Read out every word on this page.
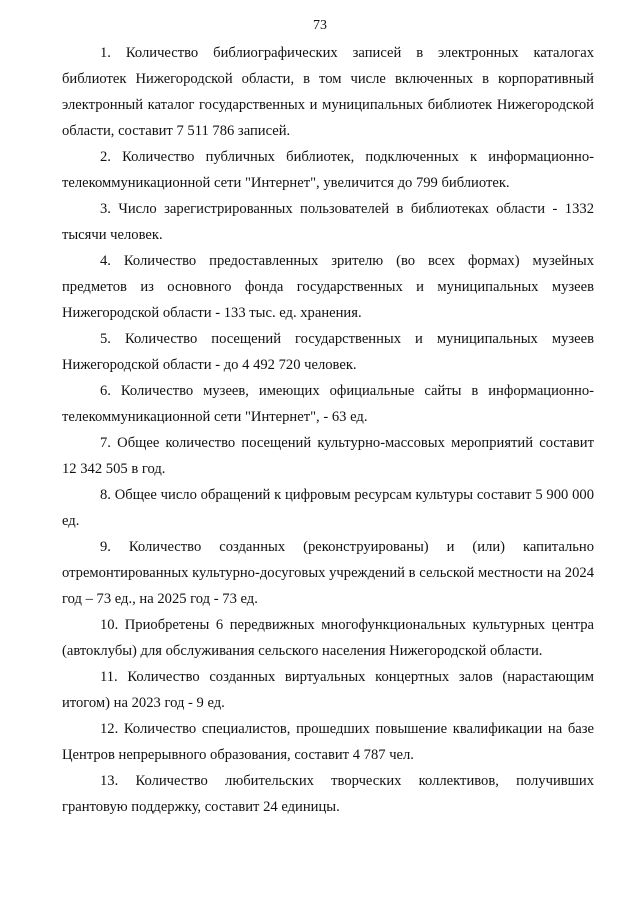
73

1. Количество библиографических записей в электронных каталогах библиотек Нижегородской области, в том числе включенных в корпоративный электронный каталог государственных и муниципальных библиотек Нижегородской области, составит 7 511 786 записей.

2. Количество публичных библиотек, подключенных к информационно-телекоммуникационной сети "Интернет", увеличится до 799 библиотек.

3. Число зарегистрированных пользователей в библиотеках области - 1332 тысячи человек.

4. Количество предоставленных зрителю (во всех формах) музейных предметов из основного фонда государственных и муниципальных музеев Нижегородской области - 133 тыс. ед. хранения.

5. Количество посещений государственных и муниципальных музеев Нижегородской области - до 4 492 720 человек.

6. Количество музеев, имеющих официальные сайты в информационно-телекоммуникационной сети "Интернет", - 63 ед.

7. Общее количество посещений культурно-массовых мероприятий составит 12 342 505 в год.

8. Общее число обращений к цифровым ресурсам культуры составит 5 900 000 ед.

9. Количество созданных (реконструированы) и (или) капитально отремонтированных культурно-досуговых учреждений в сельской местности на 2024 год – 73 ед., на 2025 год - 73 ед.

10. Приобретены 6 передвижных многофункциональных культурных центра (автоклубы) для обслуживания сельского населения Нижегородской области.

11. Количество созданных виртуальных концертных залов (нарастающим итогом) на 2023 год - 9 ед.

12. Количество специалистов, прошедших повышение квалификации на базе Центров непрерывного образования, составит 4 787 чел.

13. Количество любительских творческих коллективов, получивших грантовую поддержку, составит 24 единицы.
